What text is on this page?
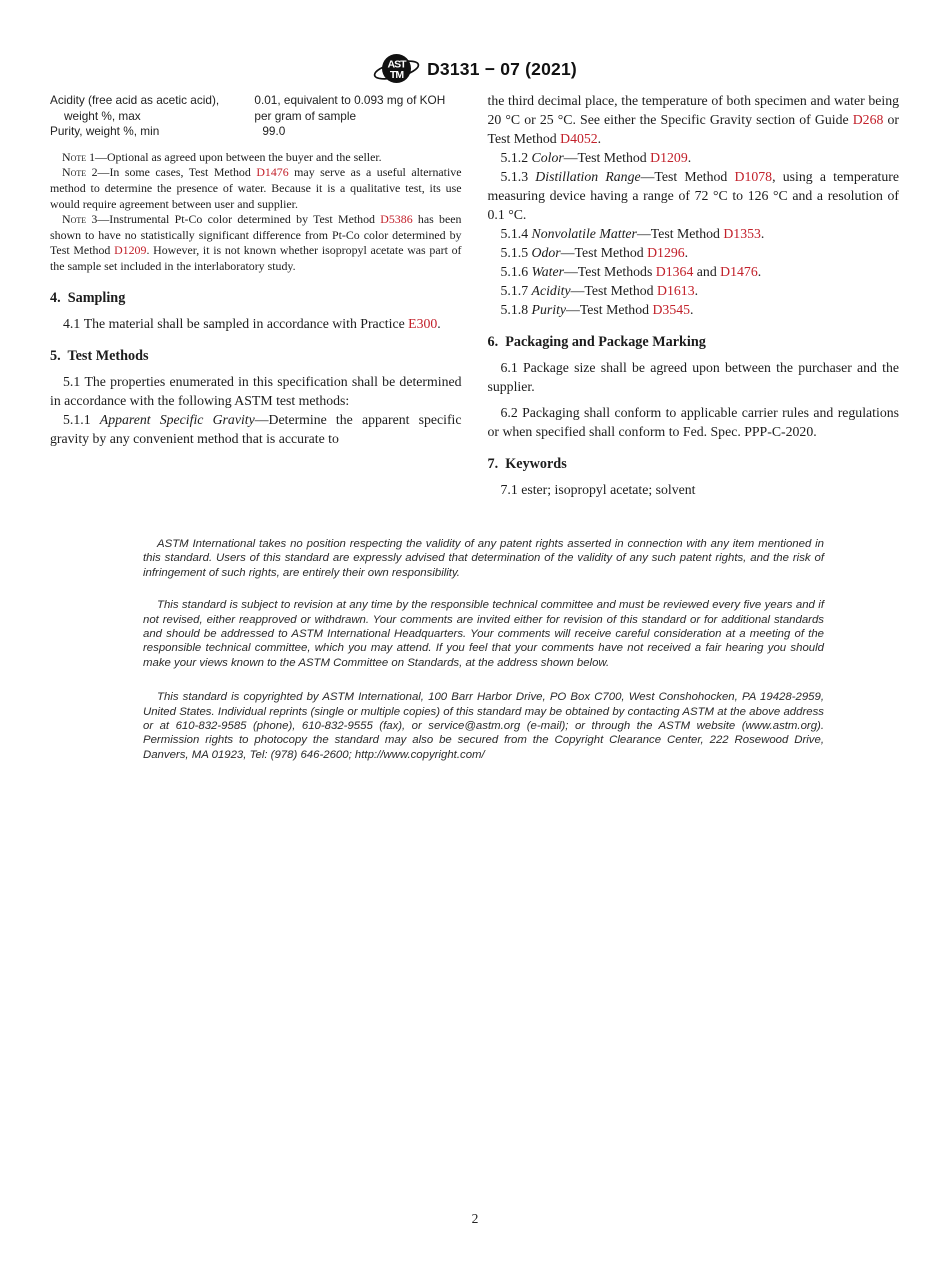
AST
TM D3131 − 07 (2021)
Acidity (free acid as acetic acid), weight %, max
0.01, equivalent to 0.093 mg of KOH per gram of sample
Purity, weight %, min	99.0

Note 1—Optional as agreed upon between the buyer and the seller.

Note 2—In some cases, Test Method D1476 may serve as a useful alternative method to determine the presence of water. Because it is a qualitative test, its use would require agreement between user and supplier.

Note 3—Instrumental Pt-Co color determined by Test Method D5386 has been shown to have no statistically significant difference from Pt-Co color determined by Test Method D1209. However, it is not known whether isopropyl acetate was part of the sample set included in the interlaboratory study.

4.  Sampling

4.1 The material shall be sampled in accordance with Practice E300.

5.  Test Methods

5.1 The properties enumerated in this specification shall be determined in accordance with the following ASTM test methods:

5.1.1 Apparent Specific Gravity—Determine the apparent specific gravity by any convenient method that is accurate to

the third decimal place, the temperature of both specimen and water being 20 °C or 25 °C. See either the Specific Gravity section of Guide D268 or Test Method D4052.

5.1.2 Color—Test Method D1209.

5.1.3 Distillation Range—Test Method D1078, using a temperature measuring device having a range of 72 °C to 126 °C and a resolution of 0.1 °C.

5.1.4 Nonvolatile Matter—Test Method D1353.

5.1.5 Odor—Test Method D1296.

5.1.6 Water—Test Methods D1364 and D1476.

5.1.7 Acidity—Test Method D1613.

5.1.8 Purity—Test Method D3545.

6.  Packaging and Package Marking

6.1 Package size shall be agreed upon between the purchaser and the supplier.

6.2 Packaging shall conform to applicable carrier rules and regulations or when specified shall conform to Fed. Spec. PPP-C-2020.

7.  Keywords

7.1 ester; isopropyl acetate; solvent

ASTM International takes no position respecting the validity of any patent rights asserted in connection with any item mentioned in this standard. Users of this standard are expressly advised that determination of the validity of any such patent rights, and the risk of infringement of such rights, are entirely their own responsibility.

This standard is subject to revision at any time by the responsible technical committee and must be reviewed every five years and if not revised, either reapproved or withdrawn. Your comments are invited either for revision of this standard or for additional standards and should be addressed to ASTM International Headquarters. Your comments will receive careful consideration at a meeting of the responsible technical committee, which you may attend. If you feel that your comments have not received a fair hearing you should make your views known to the ASTM Committee on Standards, at the address shown below.

This standard is copyrighted by ASTM International, 100 Barr Harbor Drive, PO Box C700, West Conshohocken, PA 19428-2959, United States. Individual reprints (single or multiple copies) of this standard may be obtained by contacting ASTM at the above address or at 610-832-9585 (phone), 610-832-9555 (fax), or service@astm.org (e-mail); or through the ASTM website (www.astm.org). Permission rights to photocopy the standard may also be secured from the Copyright Clearance Center, 222 Rosewood Drive, Danvers, MA 01923, Tel: (978) 646-2600; http://www.copyright.com/

2
